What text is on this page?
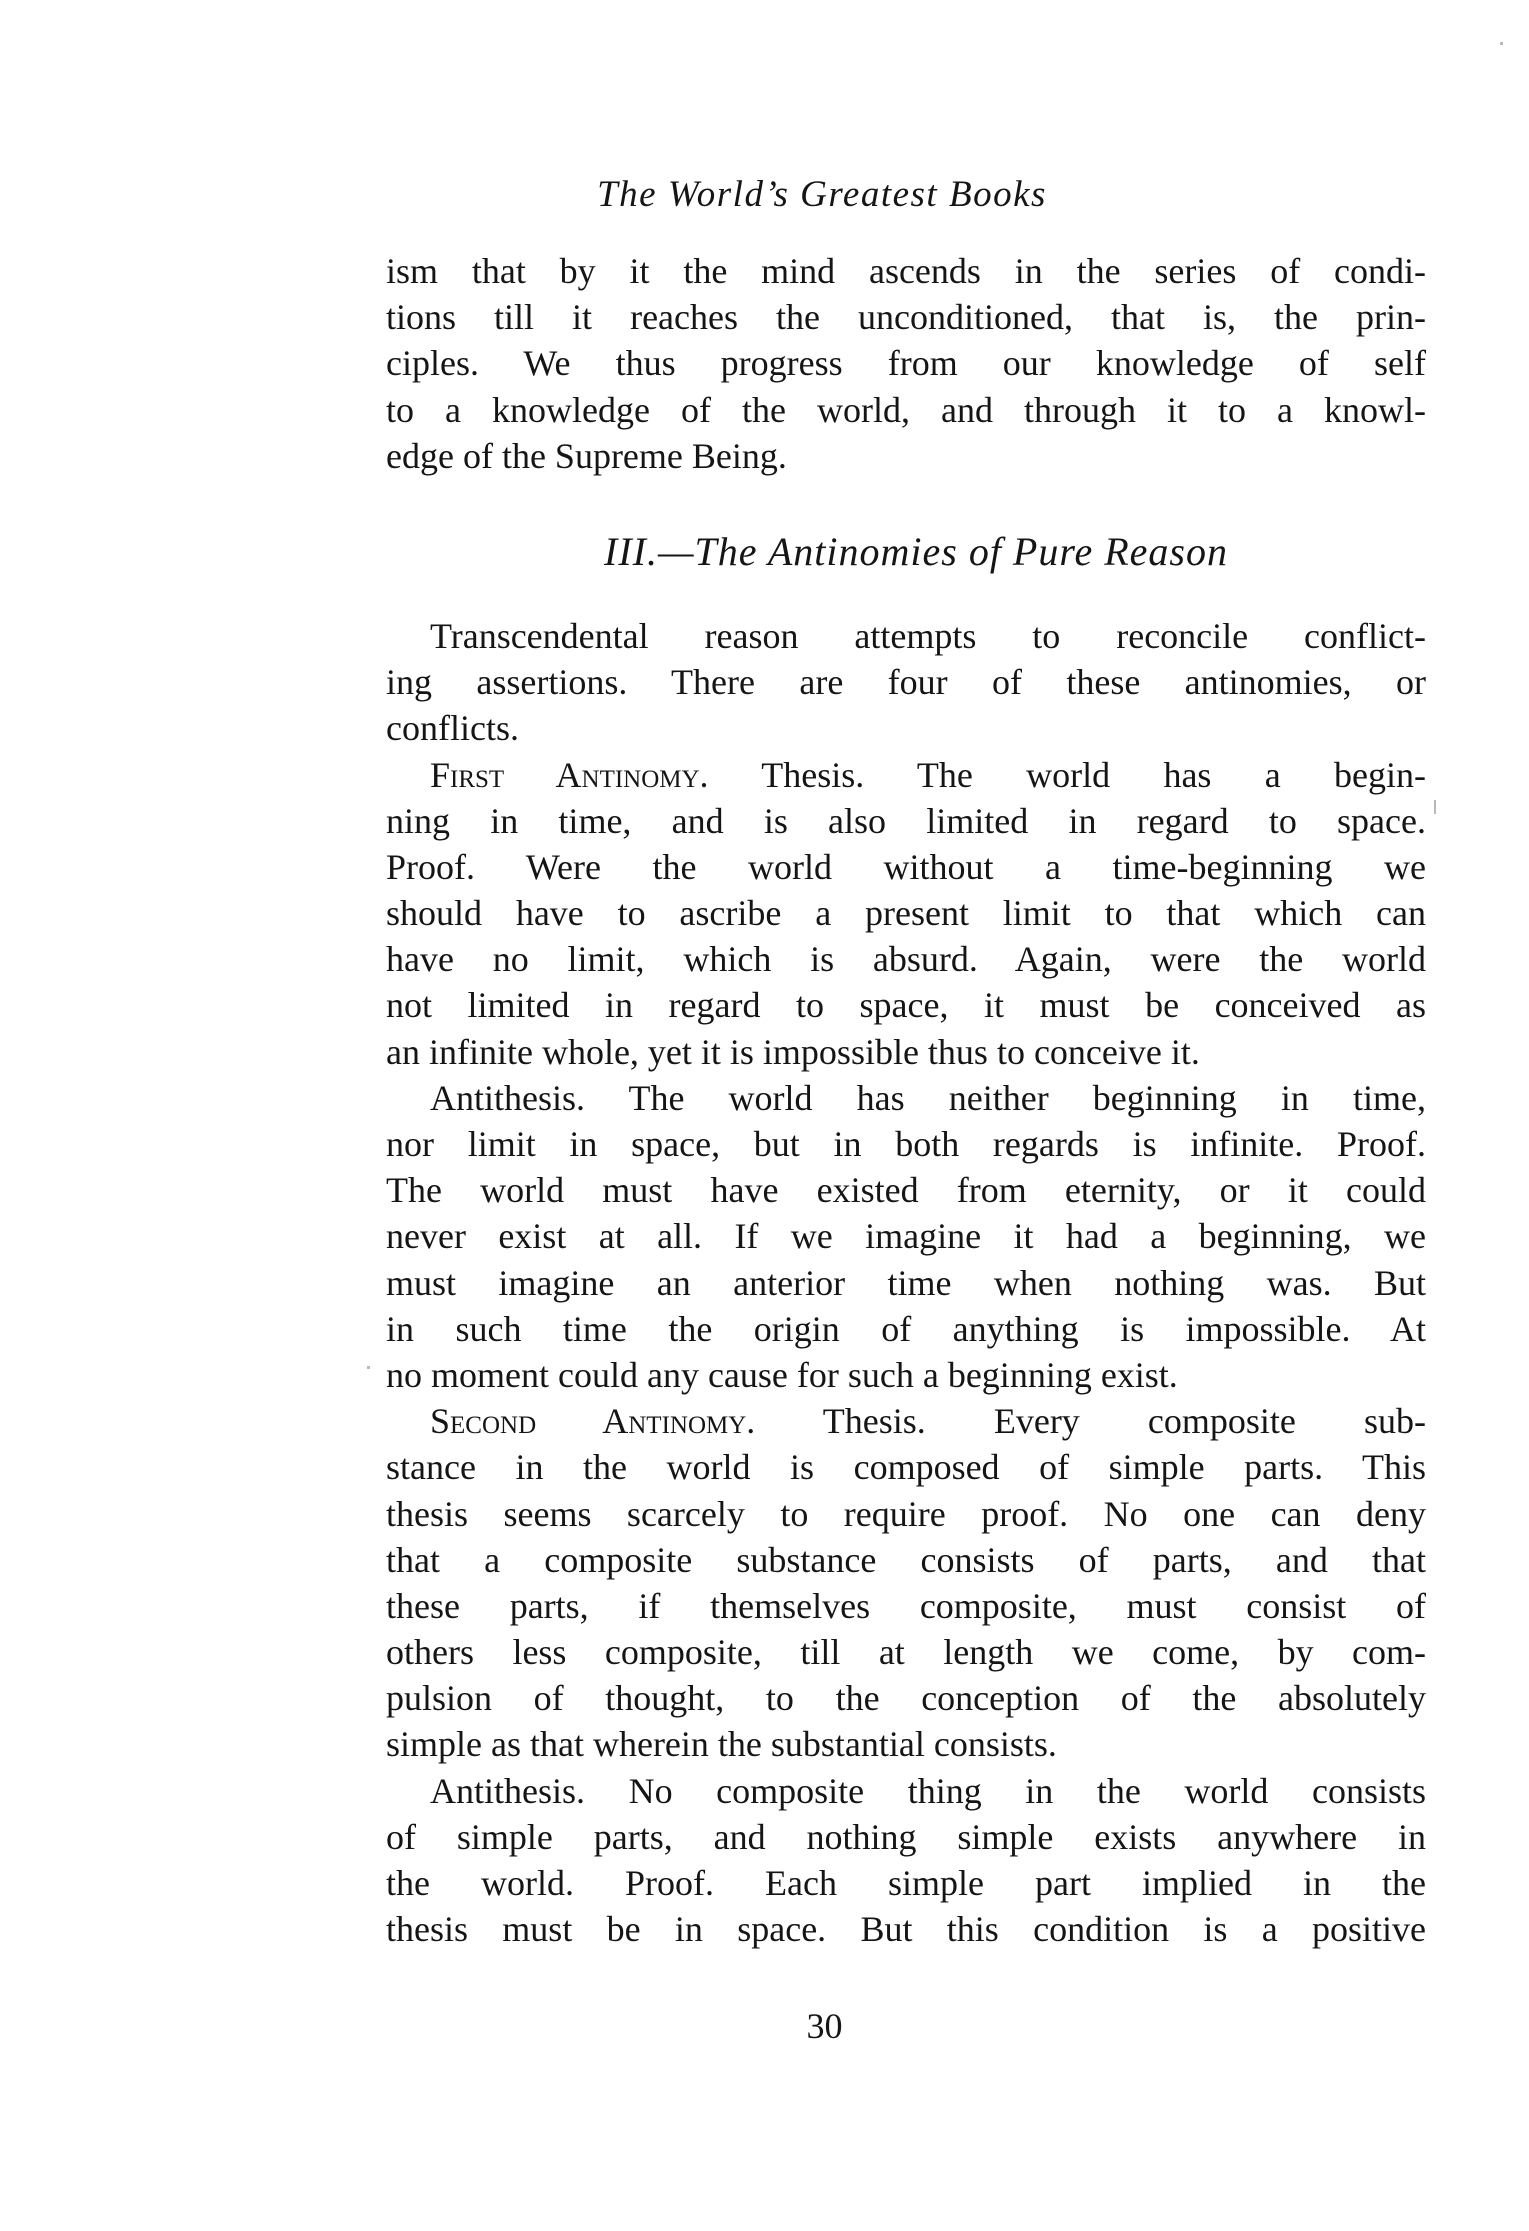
The World’s Greatest Books
ism that by it the mind ascends in the series of condi-
tions till it reaches the unconditioned, that is, the prin-
ciples. We thus progress from our knowledge of self
to a knowledge of the world, and through it to a knowl-
edge of the Supreme Being.
III.—The Antinomies of Pure Reason
Transcendental reason attempts to reconcile conflict-
ing assertions. There are four of these antinomies, or
conflicts.
First Antinomy. Thesis. The world has a begin-
ning in time, and is also limited in regard to space.
Proof. Were the world without a time-beginning we
should have to ascribe a present limit to that which can
have no limit, which is absurd. Again, were the world
not limited in regard to space, it must be conceived as
an infinite whole, yet it is impossible thus to conceive it.
Antithesis. The world has neither beginning in time,
nor limit in space, but in both regards is infinite. Proof.
The world must have existed from eternity, or it could
never exist at all. If we imagine it had a beginning, we
must imagine an anterior time when nothing was. But
in such time the origin of anything is impossible. At
no moment could any cause for such a beginning exist.
Second Antinomy. Thesis. Every composite sub-
stance in the world is composed of simple parts. This
thesis seems scarcely to require proof. No one can deny
that a composite substance consists of parts, and that
these parts, if themselves composite, must consist of
others less composite, till at length we come, by com-
pulsion of thought, to the conception of the absolutely
simple as that wherein the substantial consists.
Antithesis. No composite thing in the world consists
of simple parts, and nothing simple exists anywhere in
the world. Proof. Each simple part implied in the
thesis must be in space. But this condition is a positive
30
